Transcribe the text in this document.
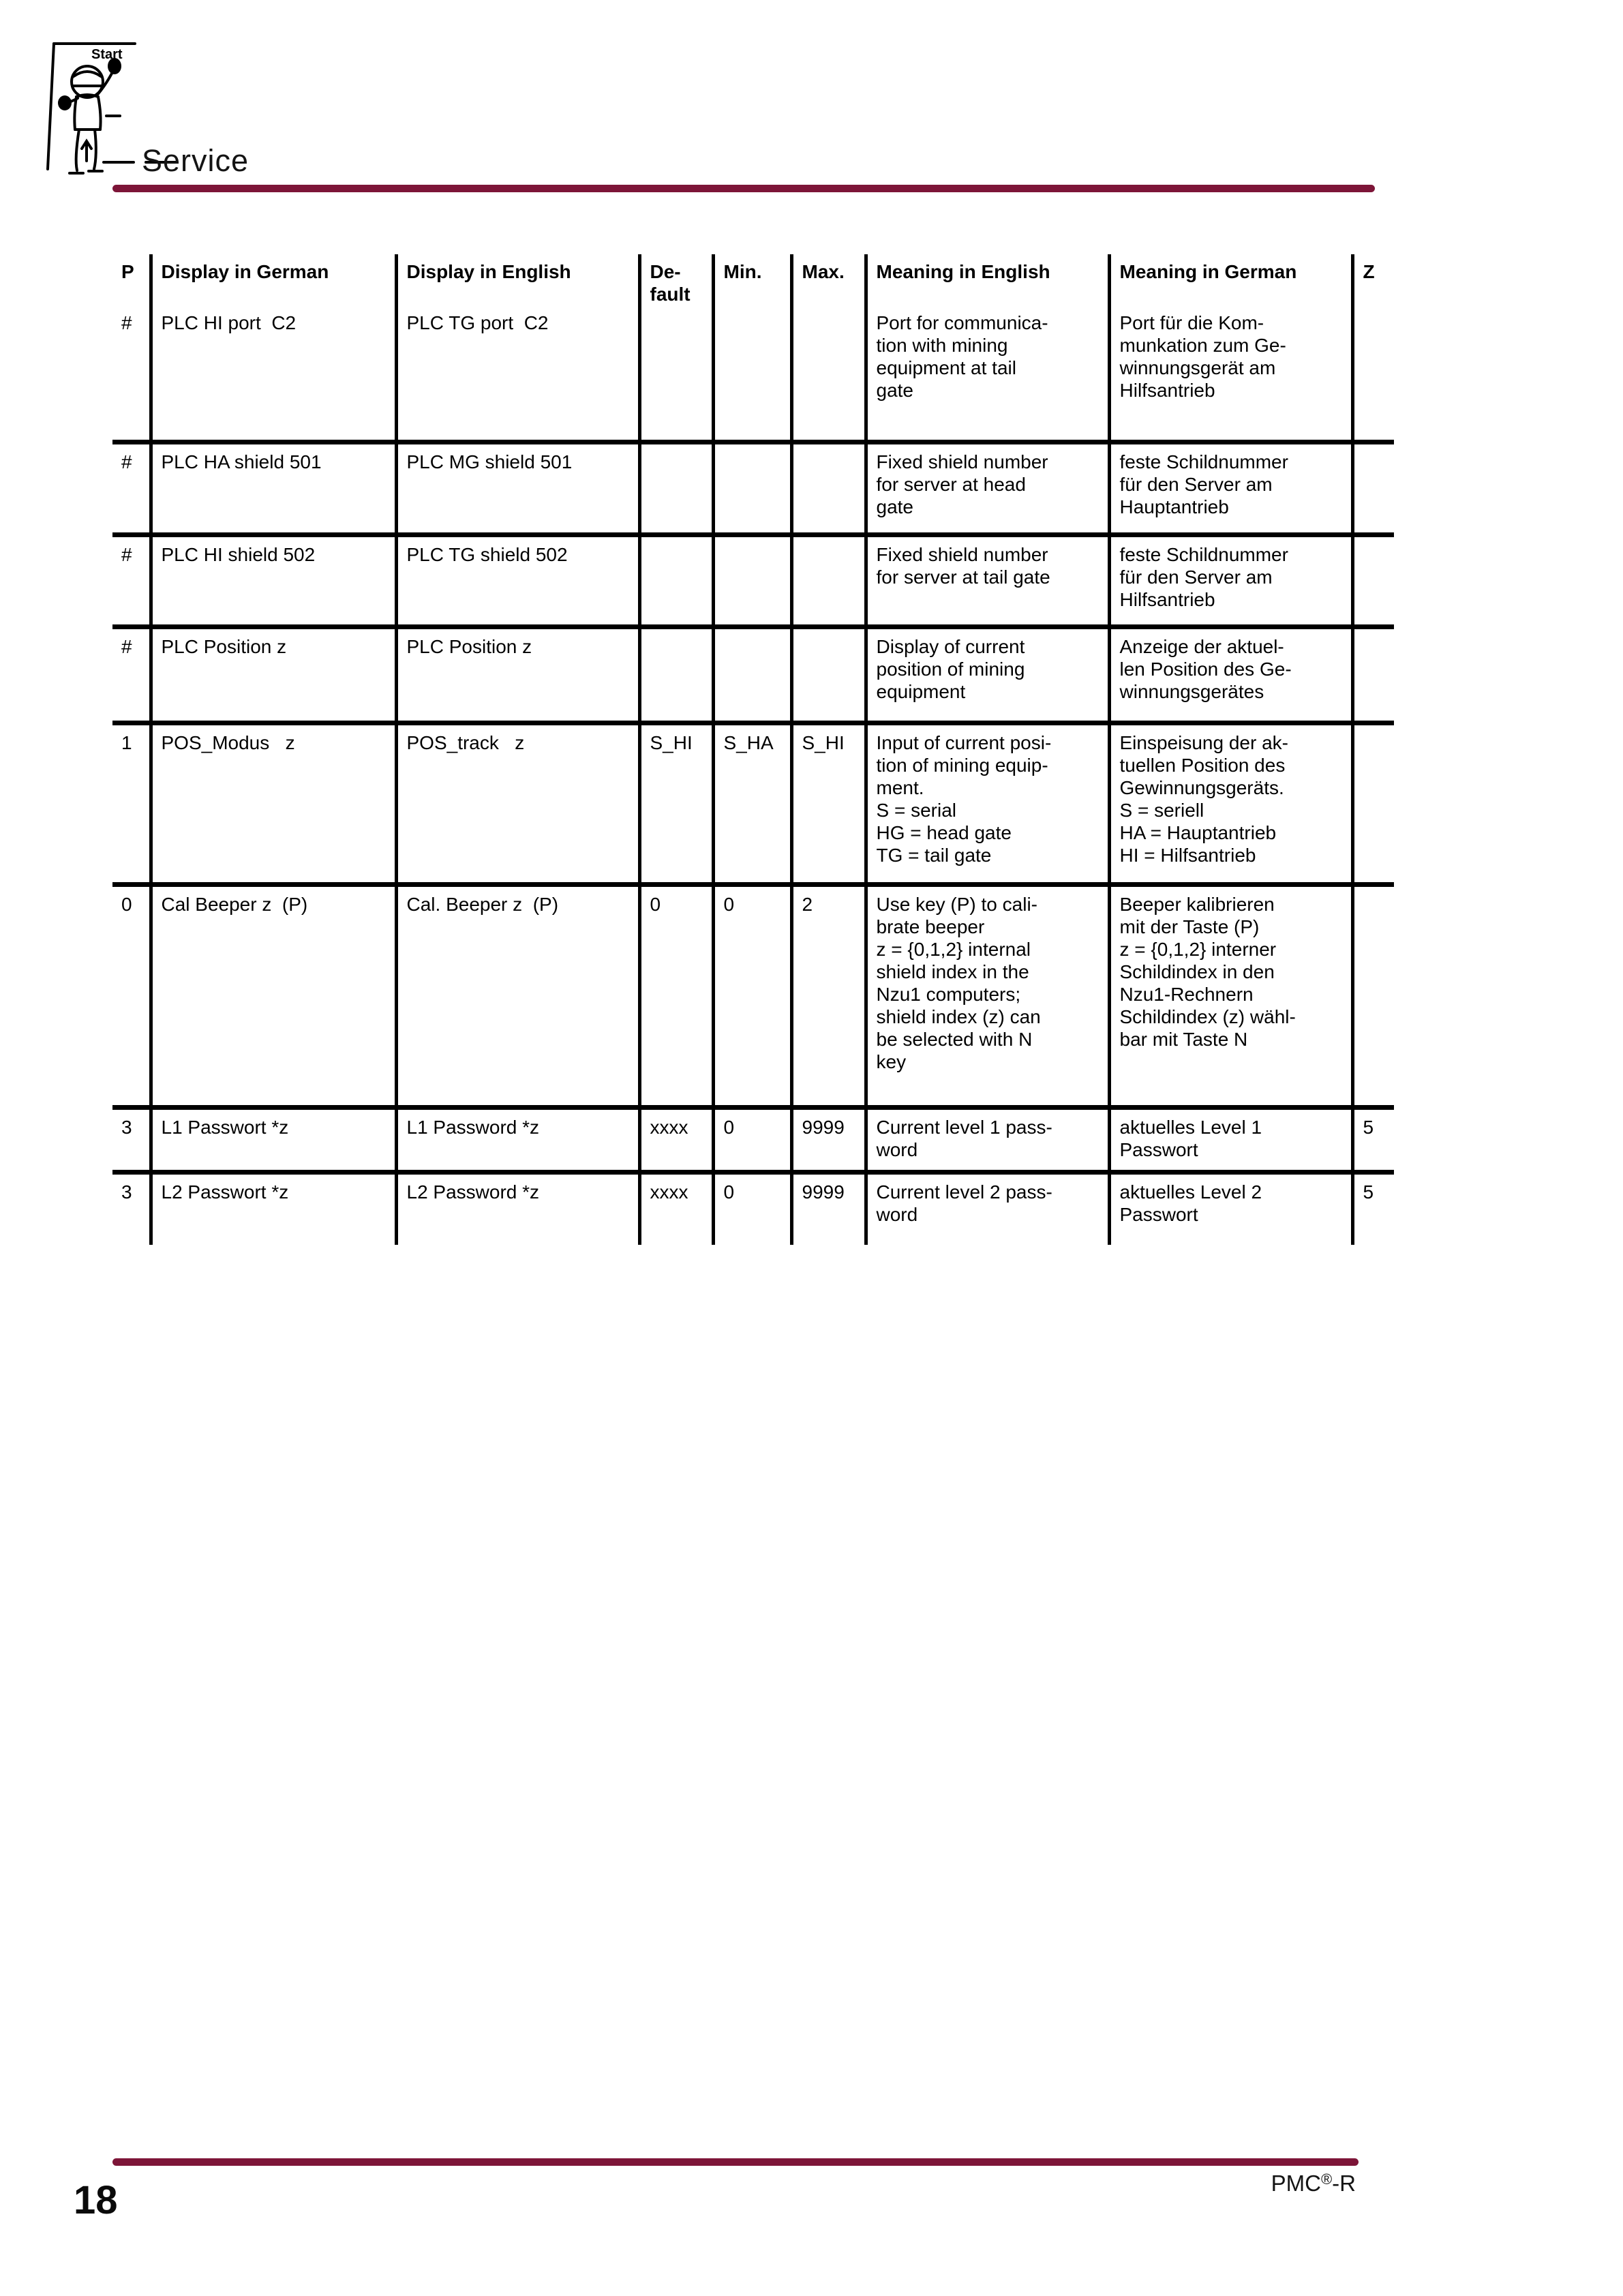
Start
Service
P	Display in German	Display in English	De-
fault	Min.	Max.	Meaning in English	Meaning in German	Z
#	PLC HI port  C2	PLC TG port  C2				Port for communica-
tion with mining
equipment at tail
gate	Port für die Kom-
munkation zum Ge-
winnungsgerät am
Hilfsantrieb	
#	PLC HA shield 501	PLC MG shield 501				Fixed shield number
for server at head
gate	feste Schildnummer
für den Server am
Hauptantrieb	
#	PLC HI shield 502	PLC TG shield 502				Fixed shield number
for server at tail gate	feste Schildnummer
für den Server am
Hilfsantrieb	
#	PLC Position z	PLC Position z				Display of current
position of mining
equipment	Anzeige der aktuel-
len Position des Ge-
winnungsgerätes	
1	POS_Modus   z	POS_track   z	S_HI	S_HA	S_HI	Input of current posi-
tion of mining equip-
ment.
S = serial
HG = head gate
TG = tail gate	Einspeisung der ak-
tuellen Position des
Gewinnungsgeräts.
S = seriell
HA = Hauptantrieb
HI = Hilfsantrieb	
0	Cal Beeper z  (P)	Cal. Beeper z  (P)	0	0	2	Use key (P) to cali-
brate beeper
z = {0,1,2} internal
shield index in the
Nzu1 computers;
shield index (z) can
be selected with N
key	Beeper kalibrieren
mit der Taste (P)
z = {0,1,2} interner
Schildindex in den
Nzu1-Rechnern
Schildindex (z) wähl-
bar mit Taste N	
3	L1 Passwort *z	L1 Password *z	xxxx	0	9999	Current level 1 pass-
word	aktuelles Level 1
Passwort	5
3	L2 Passwort *z	L2 Password *z	xxxx	0	9999	Current level 2 pass-
word	aktuelles Level 2
Passwort	5
18	PMC®-R
